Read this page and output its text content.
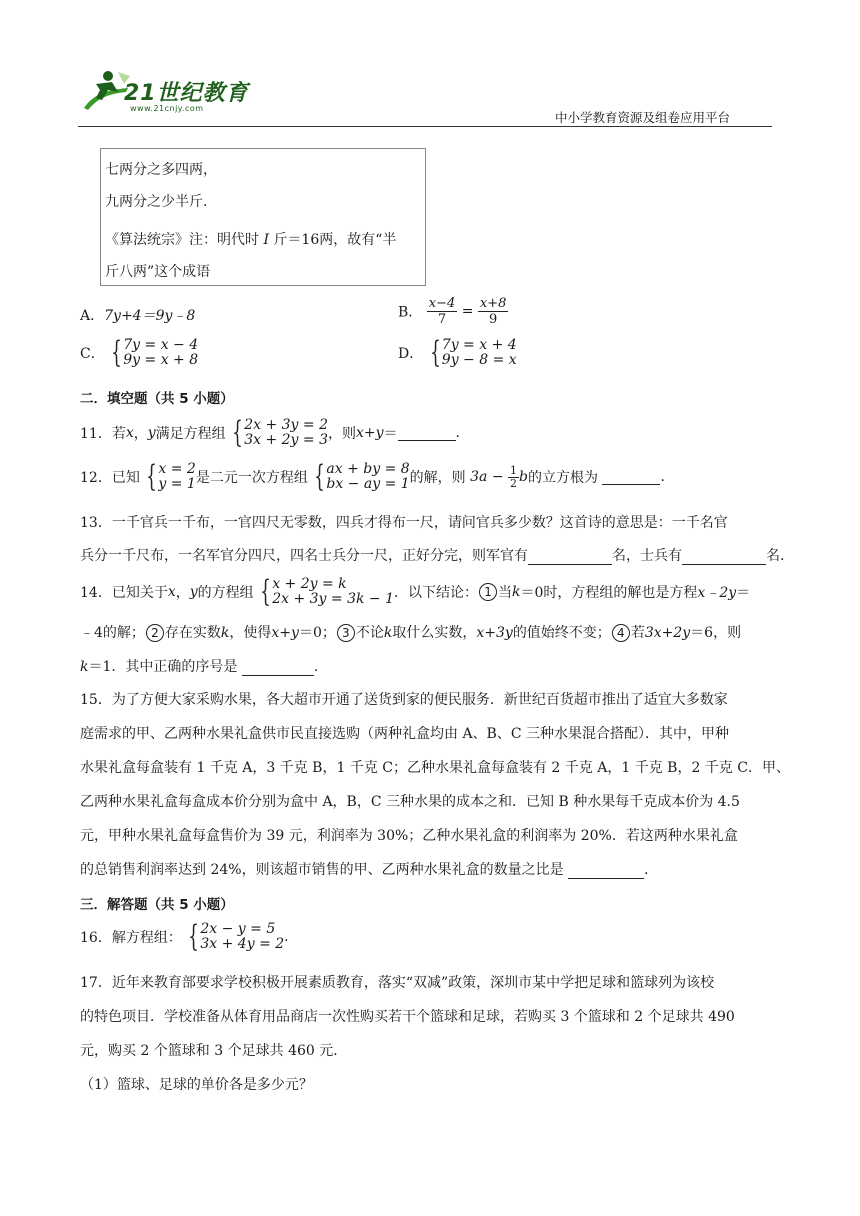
21世纪教育
www.21cnjy.com
中小学教育资源及组卷应用平台
七两分之多四两，
九两分之少半斤.
《算法统宗》注：明代时 I 斤＝16两，故有“半
斤八两”这个成语
A．7y+4＝9y﹣8	B． $\frac{x-4}{7} = \frac{x+8}{9}$
C． { 7y = x − 4
9y = x + 8	D． { 7y = x + 4
9y − 8 = x
二．填空题（共 5 小题）
11．若x，y满足方程组 { 2x + 3y = 2
3x + 2y = 3 ，则x+y＝	.
12．已知 { x = 2
y = 1 是二元一次方程组 { ax + by = 8
bx − ay = 1 的解，则 $3a - \frac{1}{2}$ b的立方根为	.
13．一千官兵一千布，一官四尺无零数，四兵才得布一尺，请问官兵多少数？这首诗的意思是：一千名官
兵分一千尺布，一名军官分四尺，四名士兵分一尺，正好分完，则军官有	名，士兵有	名.
14．已知关于x，y的方程组 { x + 2y = k
2x + 3y = 3k − 1 ．以下结论： 1 当k＝0时，方程组的解也是方程x﹣2y＝
﹣4的解； 2 存在实数k，使得x+y＝0； 3 不论k取什么实数，x+3y的值始终不变； 4 若3x+2y＝6，则
k＝1．其中正确的序号是	.
15．为了方便大家采购水果，各大超市开通了送货到家的便民服务．新世纪百货超市推出了适宜大多数家
庭需求的甲、乙两种水果礼盒供市民直接选购（两种礼盒均由 A、B、C 三种水果混合搭配）．其中，甲种
水果礼盒每盒装有 1 千克 A，3 千克 B，1 千克 C；乙种水果礼盒每盒装有 2 千克 A，1 千克 B，2 千克 C．甲、
乙两种水果礼盒每盒成本价分别为盒中 A，B，C 三种水果的成本之和．已知 B 种水果每千克成本价为 4.5
元，甲种水果礼盒每盒售价为 39 元，利润率为 30%；乙种水果礼盒的利润率为 20%．若这两种水果礼盒
的总销售利润率达到 24%，则该超市销售的甲、乙两种水果礼盒的数量之比是	.
三．解答题（共 5 小题）
16．解方程组： { 2x − y = 5
3x + 4y = 2 .
17．近年来教育部要求学校积极开展素质教育，落实“双减”政策，深圳市某中学把足球和篮球列为该校
的特色项目．学校准备从体育用品商店一次性购买若干个篮球和足球，若购买 3 个篮球和 2 个足球共 490
元，购买 2 个篮球和 3 个足球共 460 元．
（1）篮球、足球的单价各是多少元？
